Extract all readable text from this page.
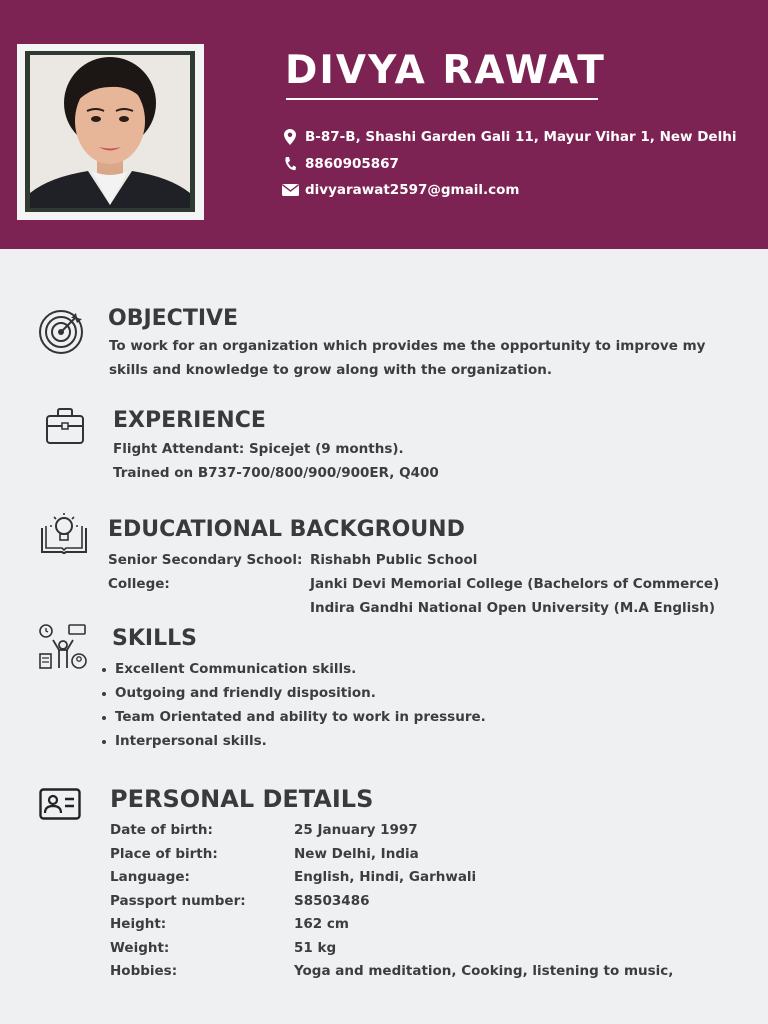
DIVYA RAWAT
B-87-B, Shashi Garden Gali 11, Mayur Vihar 1, New Delhi
8860905867
divyarawat2597@gmail.com
OBJECTIVE
To work for an organization which provides me the opportunity to improve my
skills and knowledge to grow along with the organization.
EXPERIENCE
Flight Attendant: Spicejet (9 months).
Trained on B737-700/800/900/900ER, Q400
EDUCATIONAL BACKGROUND
Senior Secondary School: Rishabh Public School
College:	Janki Devi Memorial College (Bachelors of Commerce)
Indira Gandhi National Open University (M.A English)
SKILLS
Excellent Communication skills.
Outgoing and friendly disposition.
Team Orientated and ability to work in pressure.
Interpersonal skills.
PERSONAL DETAILS
Date of birth:	25 January 1997
Place of birth:	New Delhi, India
Language:	English, Hindi, Garhwali
Passport number:	S8503486
Height:	162 cm
Weight:	51 kg
Hobbies:	Yoga and meditation, Cooking, listening to music,
